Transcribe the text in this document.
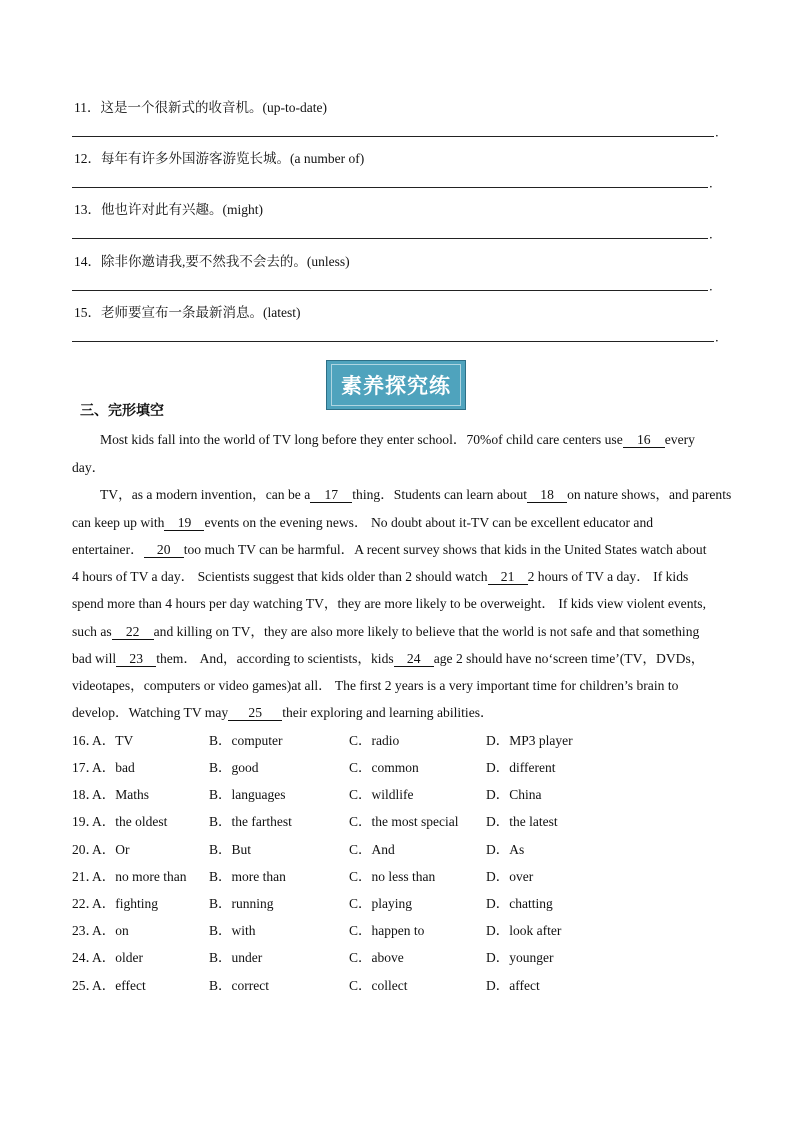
11．这是一个很新式的收音机。(up-to-date)
．
12．每年有许多外国游客游览长城。(a number of)
．
13．他也许对此有兴趣。(might)
．
14．除非你邀请我,要不然我不会去的。(unless)
．
15．老师要宣布一条最新消息。(latest)
．
素养探究练
三、完形填空
Most kids fall into the world of TV long before they enter school．70%of child care centers use 16 every
day．
TV，as a modern invention，can be a 17 thing．Students can learn about 18 on nature shows，and parents
can keep up with 19 events on the evening news． No doubt about it-TV can be excellent educator and
entertainer． 20 too much TV can be harmful．A recent survey shows that kids in the United States watch about
4 hours of TV a day． Scientists suggest that kids older than 2 should watch 21 2 hours of TV a day． If kids
spend more than 4 hours per day watching TV，they are more likely to be overweight． If kids view violent events,
such as 22 and killing on TV，they are also more likely to believe that the world is not safe and that something
bad will 23 them． And，according to scientists，kids 24 age 2 should have no‘screen time’(TV，DVDs，
videotapes，computers or video games)at all． The first 2 years is a very important time for children’s brain to
develop．Watching TV may 25 their exploring and learning abilities．
16．
A．TV	B．computer	C．radio	D．MP3 player
17．
A．bad	B．good	C．common	D．different
18．
A．Maths	B．languages	C．wildlife	D．China
19．
A．the oldest	B．the farthest	C．the most special D．the latest
20．
A．Or	B．But	C．And	D．As
21．
A．no more than B．more than	C．no less than	D．over
22．
A．fighting	B．running	C．playing	D．chatting
23．
A．on	B．with	C．happen to	D．look after
24．
A．older	B．under	C．above	D．younger
25．
A．effect	B．correct	C．collect	D．affect
